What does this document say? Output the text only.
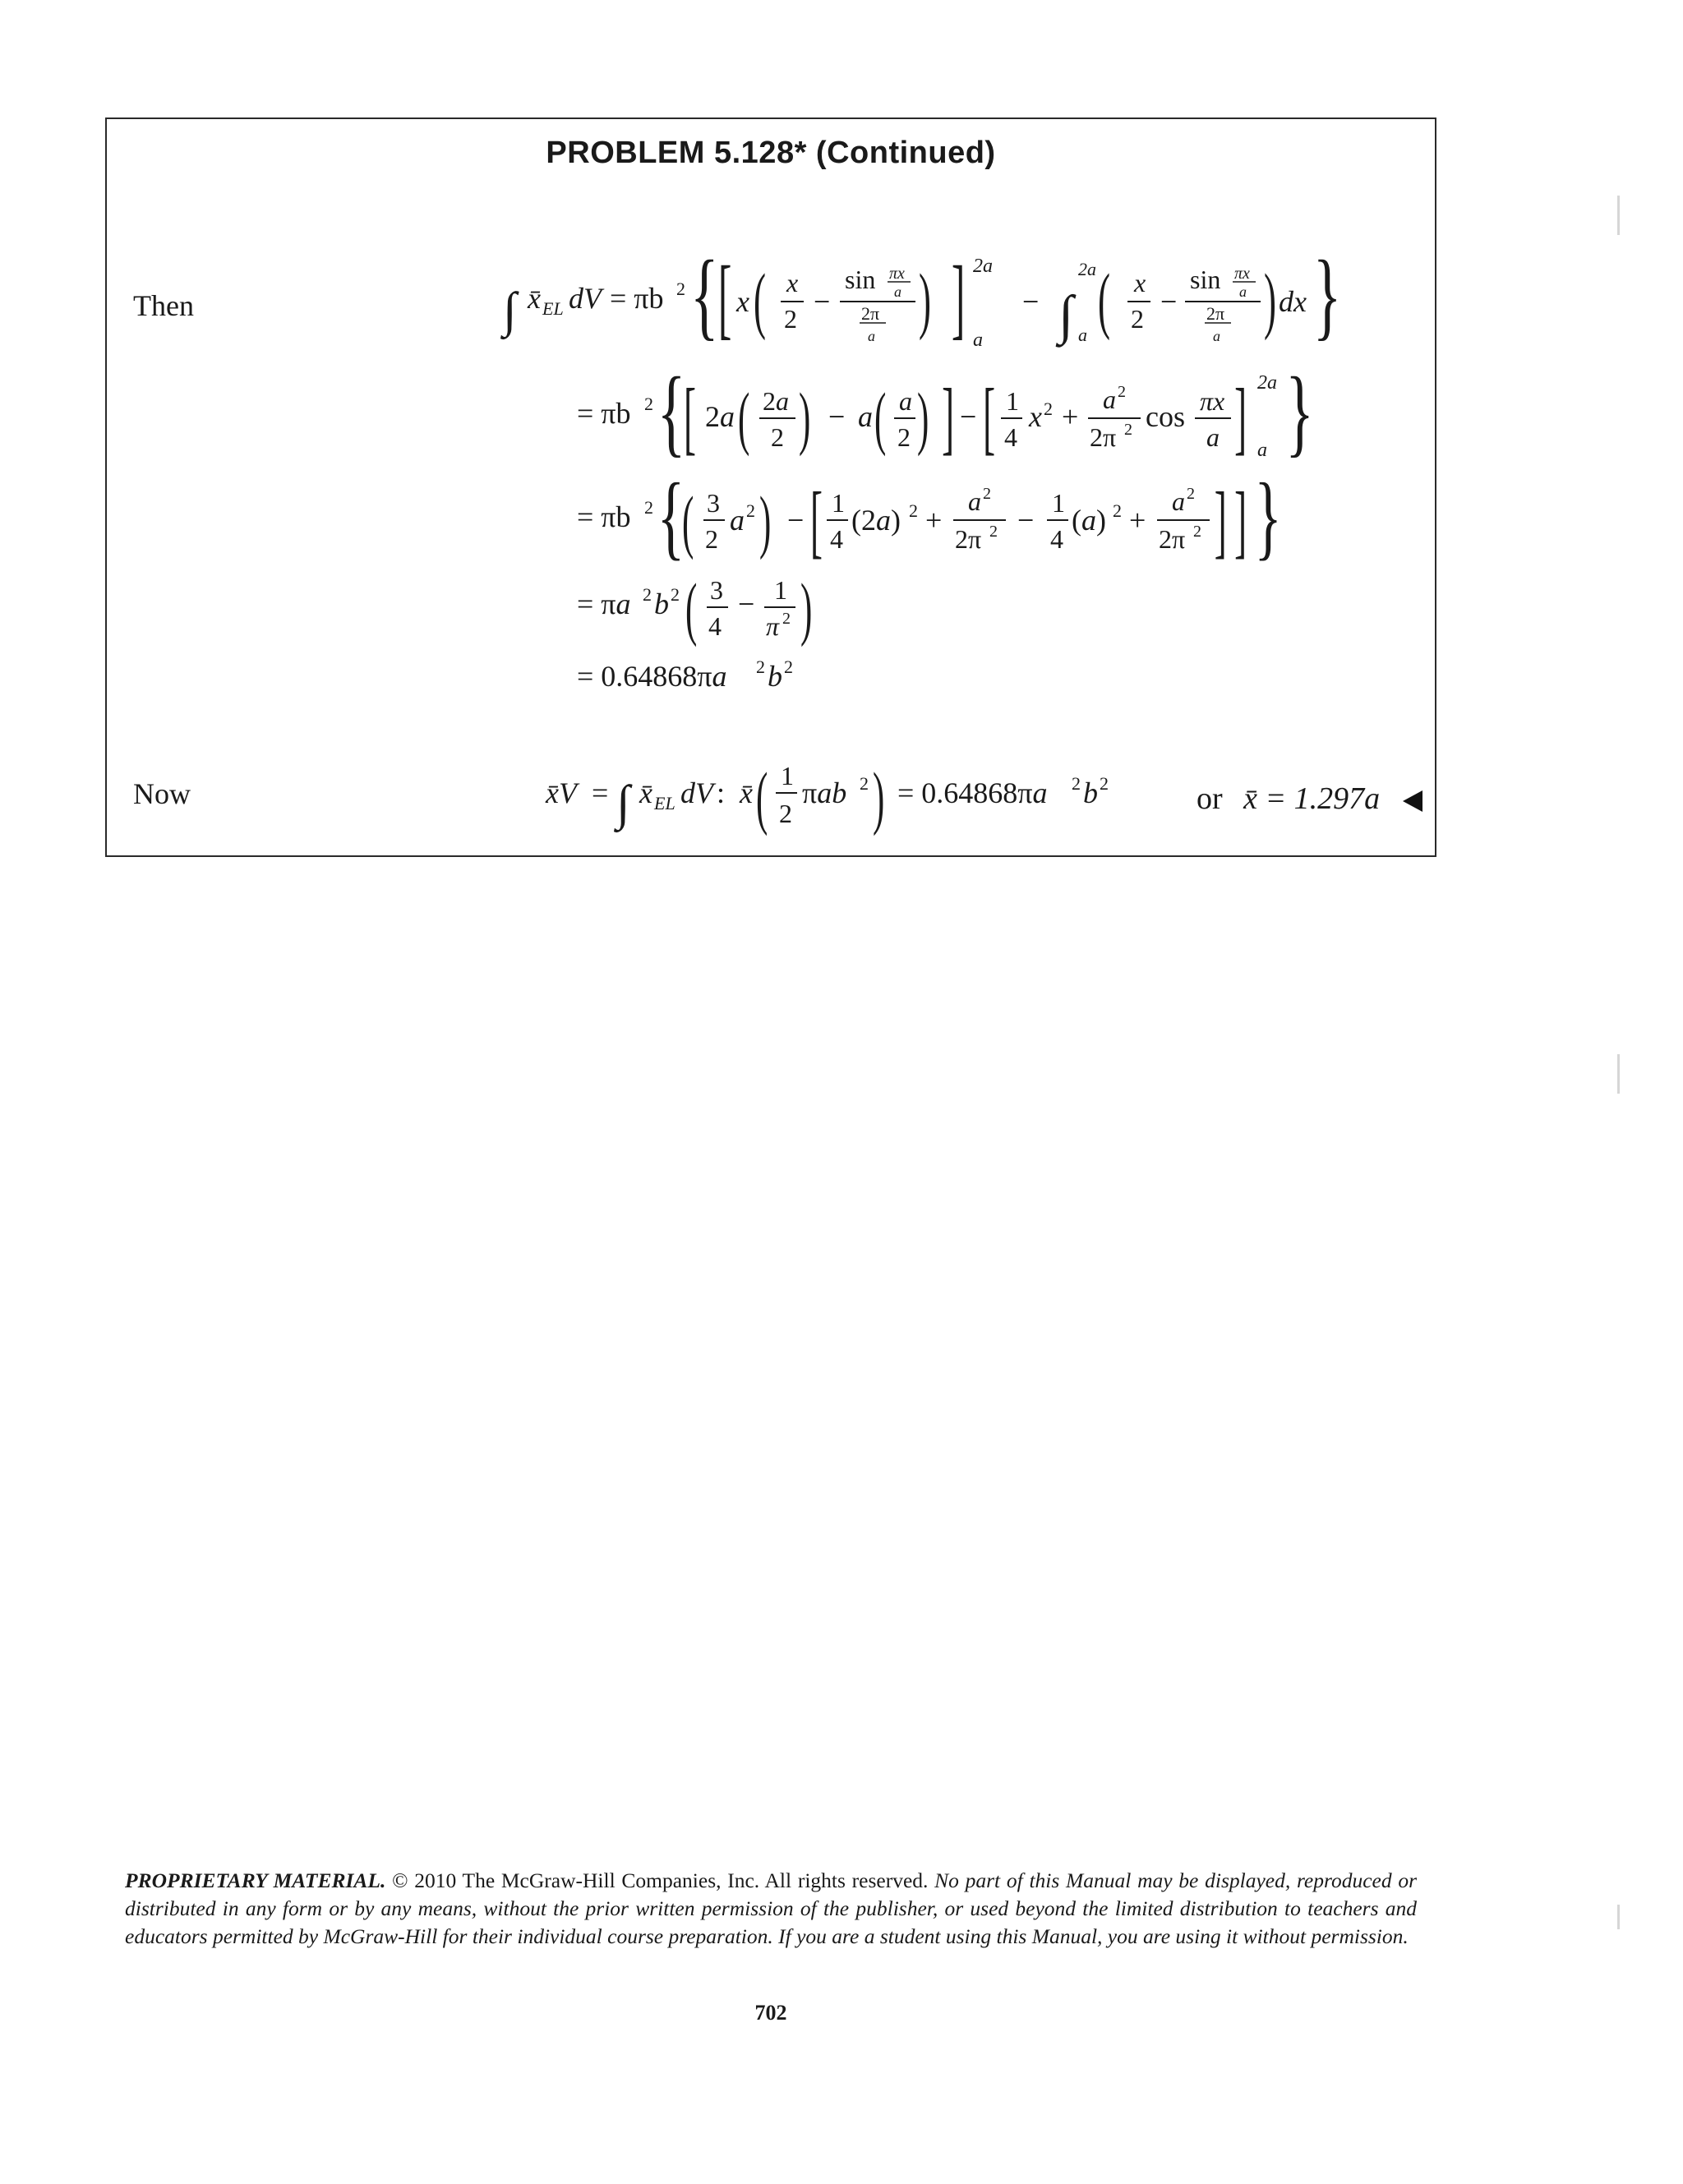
PROBLEM 5.128* (Continued)
Then
Now
∫ x̄ EL dV = πb 2 { [ x ( x
2
−
sin πx
a
2π
a ) ] 2a
a
− ∫
2a
a ( x
2
−
sin πx
a
2π
a ) dx }
= πb 2 {
[ 2a ( 2a
2 ) − a ( a
2 ) ] − [ 1
4
x 2 +
a 2
2π 2 cos πx
a ] 2a
a }
= πb 2 {
( 3
2
a 2 ) − [ 1
4
(2a) 2 +
a 2
2π 2 −
1
4
(a) 2 +
a 2
2π 2 ] ] }
= πa 2 b 2 ( 3
4
− 1
π 2 )
= 0.64868πa 2 b 2
x̄V = ∫ x̄ EL dV : x̄ ( 1
2
πab 2 ) = 0.64868πa 2 b 2	or x̄ = 1.297a
PROPRIETARY MATERIAL. © 2010 The McGraw-Hill Companies, Inc. All rights reserved. No part of this Manual may be displayed, reproduced or distributed in any form or by any means, without the prior written permission of the publisher, or used beyond the limited distribution to teachers and educators permitted by McGraw-Hill for their individual course preparation. If you are a student using this Manual, you are using it without permission.
702
